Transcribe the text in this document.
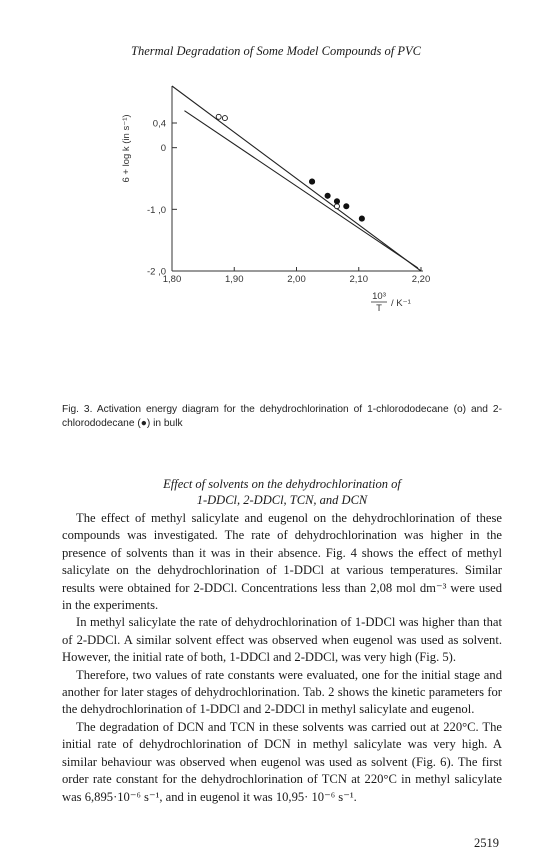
Thermal Degradation of Some Model Compounds of PVC
0,4
0
-1 ,0
-2 ,0
1,80	1,90	2,00	2,10	2,20
6 + log k (in s⁻¹)
10³
T / K⁻¹
Fig. 3. Activation energy diagram for the dehydrochlorination of 1-chlorododecane (o) and 2-chlorododecane (●) in bulk
Effect of solvents on the dehydrochlorination of
1-DDCl, 2-DDCl, TCN, and DCN

The effect of methyl salicylate and eugenol on the dehydrochlorination of these compounds was investigated. The rate of dehydrochlorination was higher in the presence of solvents than it was in their absence. Fig. 4 shows the effect of methyl salicylate on the dehydrochlorination of 1-DDCl at various temperatures. Similar results were obtained for 2-DDCl. Concentrations less than 2,08 mol dm⁻³ were used in the experiments.

In methyl salicylate the rate of dehydrochlorination of 1-DDCl was higher than that of 2-DDCl. A similar solvent effect was observed when eugenol was used as solvent. However, the initial rate of both, 1-DDCl and 2-DDCl, was very high (Fig. 5).

Therefore, two values of rate constants were evaluated, one for the initial stage and another for later stages of dehydrochlorination. Tab. 2 shows the kinetic parameters for the dehydrochlorination of 1-DDCl and 2-DDCl in methyl salicylate and eugenol.

The degradation of DCN and TCN in these solvents was carried out at 220°C. The initial rate of dehydrochlorination of DCN in methyl salicylate was very high. A similar behaviour was observed when eugenol was used as solvent (Fig. 6). The first order rate constant for the dehydrochlorination of TCN at 220°C in methyl salicylate was 6,895·10⁻⁶ s⁻¹, and in eugenol it was 10,95· 10⁻⁶ s⁻¹.

2519
